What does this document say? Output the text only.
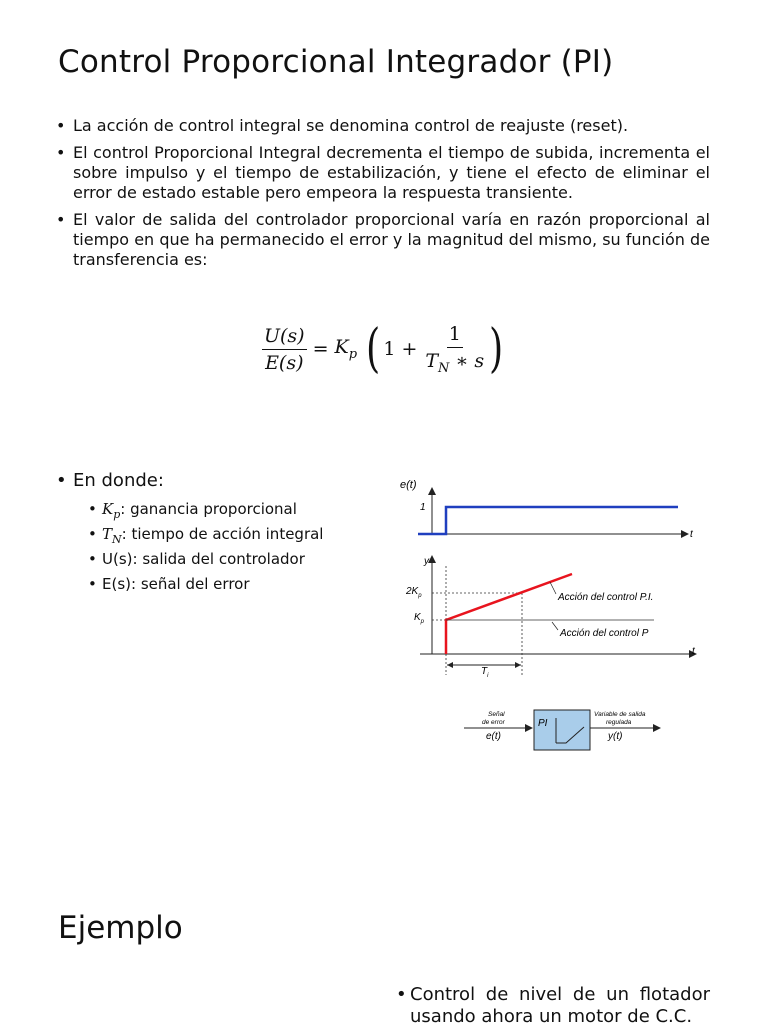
Control Proporcional Integrador (PI)
• La acción de control integral se denomina control de reajuste (reset).
• El control Proporcional Integral decrementa el tiempo de subida, incrementa el sobre impulso y el tiempo de estabilización, y tiene el efecto de eliminar el error de estado estable pero empeora la respuesta transiente.
• El valor de salida del controlador proporcional varía en razón proporcional al tiempo en que ha permanecido el error y la magnitud del mismo, su función de transferencia es:
$\frac{U(s)}{E(s)} = K_p$ ( $1 + \frac{1}{T_N ∗ s}$ )
• En donde:
• $K_p$: ganancia proporcional
• $T_N$: tiempo de acción integral
• U(s): salida del controlador
• E(s): señal del error
e(t)
1
t
y
t
$2K_p$
$K_p$
$T_i$
Acción del control P.I.
Acción del control P
Señal
de error
e(t)
PI
Variable de salida
regulada
y(t)
Ejemplo
• Control de nivel de un flotador usando ahora un motor de C.C.
